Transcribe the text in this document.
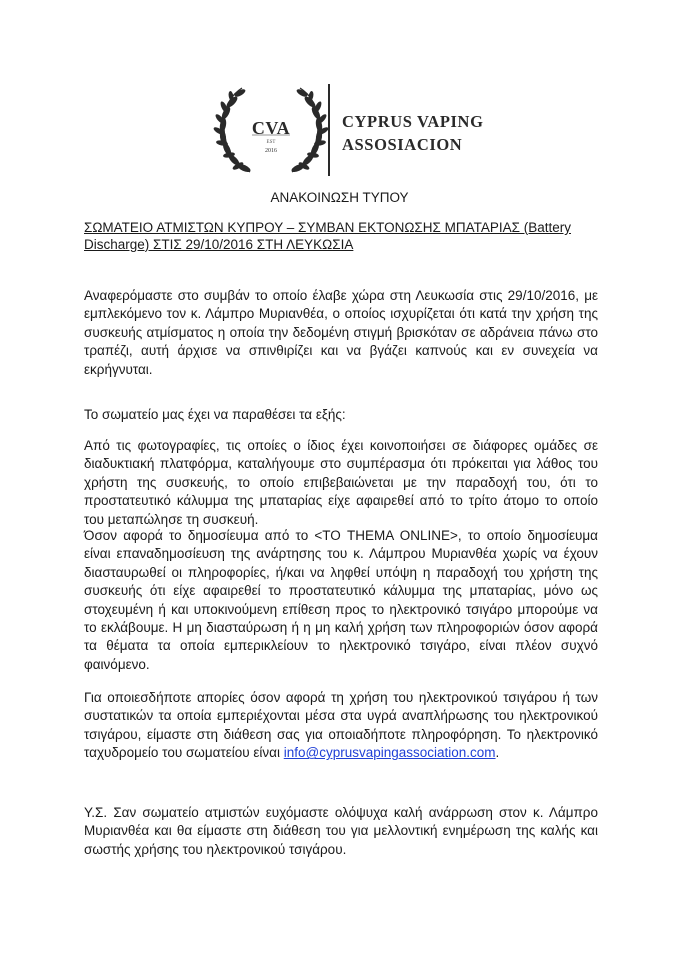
CVA
EST
2016
CYPRUS VAPING
ASSOSIACION
ΑΝΑΚΟΙΝΩΣΗ ΤΥΠΟΥ
ΣΩΜΑΤΕΙΟ ΑΤΜΙΣΤΩΝ ΚΥΠΡΟΥ – ΣΥΜΒΑΝ ΕΚΤΟΝΩΣΗΣ ΜΠΑΤΑΡΙΑΣ (Battery Discharge) ΣΤΙΣ 29/10/2016 ΣΤΗ ΛΕΥΚΩΣΙΑ

Αναφερόμαστε στο συμβάν το οποίο έλαβε χώρα στη Λευκωσία στις 29/10/2016, με εμπλεκόμενο τον κ. Λάμπρο Μυριανθέα, ο οποίος ισχυρίζεται ότι κατά την χρήση της συσκευής ατμίσματος η οποία την δεδομένη στιγμή βρισκόταν σε αδράνεια πάνω στο τραπέζι, αυτή άρχισε να σπινθιρίζει και να βγάζει καπνούς και εν συνεχεία να εκρήγνυται.

Το σωματείο μας έχει να παραθέσει τα εξής:

Από τις φωτογραφίες, τις οποίες ο ίδιος έχει κοινοποιήσει σε διάφορες ομάδες σε διαδυκτιακή πλατφόρμα, καταλήγουμε στο συμπέρασμα ότι πρόκειται για λάθος του χρήστη της συσκευής, το οποίο επιβεβαιώνεται με την παραδοχή του, ότι το προστατευτικό κάλυμμα της μπαταρίας είχε αφαιρεθεί από το τρίτο άτομο το οποίο του μεταπώλησε τη συσκευή.

Όσον αφορά το δημοσίευμα από το <ΤΟ THEMA ONLINE>, το οποίο δημοσίευμα είναι επαναδημοσίευση της ανάρτησης του κ. Λάμπρου Μυριανθέα χωρίς να έχουν διασταυρωθεί οι πληροφορίες, ή/και να ληφθεί υπόψη η παραδοχή του χρήστη της συσκευής ότι είχε αφαιρεθεί το προστατευτικό κάλυμμα της μπαταρίας, μόνο ως στοχευμένη ή και υποκινούμενη επίθεση προς το ηλεκτρονικό τσιγάρο μπορούμε να το εκλάβουμε. Η μη διασταύρωση ή η μη καλή χρήση των πληροφοριών όσον αφορά τα θέματα τα οποία εμπερικλείουν το ηλεκτρονικό τσιγάρο, είναι πλέον συχνό φαινόμενο.

Για οποιεσδήποτε απορίες όσον αφορά τη χρήση του ηλεκτρονικού τσιγάρου ή των συστατικών τα οποία εμπεριέχονται μέσα στα υγρά αναπλήρωσης του ηλεκτρονικού τσιγάρου, είμαστε στη διάθεση σας για οποιαδήποτε πληροφόρηση. Το ηλεκτρονικό ταχυδρομείο του σωματείου είναι info@cyprusvapingassociation.com.

Υ.Σ. Σαν σωματείο ατμιστών ευχόμαστε ολόψυχα καλή ανάρρωση στον κ. Λάμπρο Μυριανθέα και θα είμαστε στη διάθεση του για μελλοντική ενημέρωση της καλής και σωστής χρήσης του ηλεκτρονικού τσιγάρου.
